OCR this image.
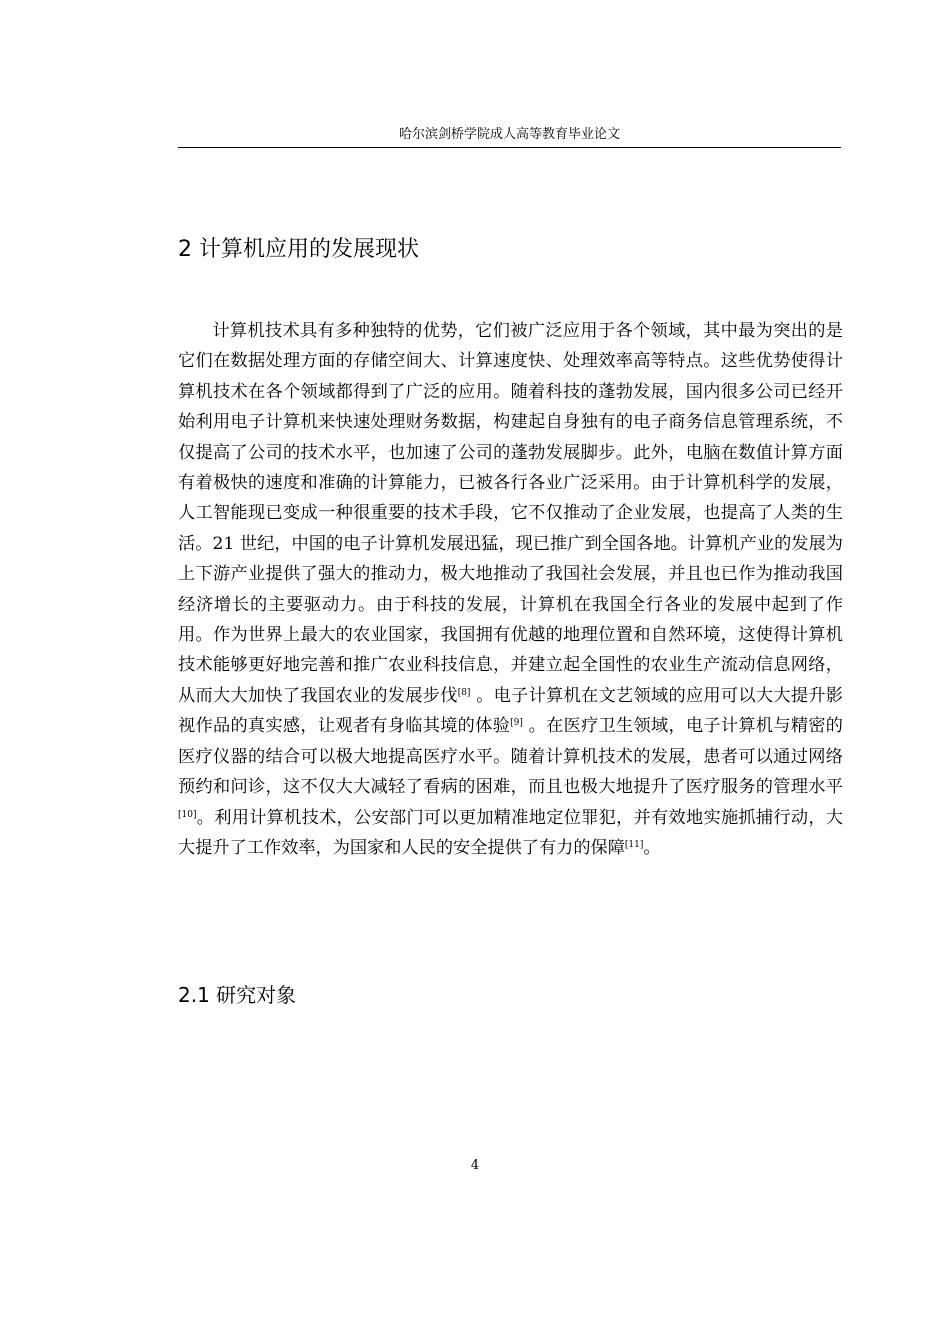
哈尔滨剑桥学院成人高等教育毕业论文
2 计算机应用的发展现状

计算机技术具有多种独特的优势，它们被广泛应用于各个领域，其中最为突出的是它们在数据处理方面的存储空间大、计算速度快、处理效率高等特点。这些优势使得计算机技术在各个领域都得到了广泛的应用。随着科技的蓬勃发展，国内很多公司已经开始利用电子计算机来快速处理财务数据，构建起自身独有的电子商务信息管理系统，不仅提高了公司的技术水平，也加速了公司的蓬勃发展脚步。此外，电脑在数值计算方面有着极快的速度和准确的计算能力，已被各行各业广泛采用。由于计算机科学的发展，人工智能现已变成一种很重要的技术手段，它不仅推动了企业发展，也提高了人类的生活。21 世纪，中国的电子计算机发展迅猛，现已推广到全国各地。计算机产业的发展为上下游产业提供了强大的推动力，极大地推动了我国社会发展，并且也已作为推动我国经济增长的主要驱动力。由于科技的发展，计算机在我国全行各业的发展中起到了作用。作为世界上最大的农业国家，我国拥有优越的地理位置和自然环境，这使得计算机技术能够更好地完善和推广农业科技信息，并建立起全国性的农业生产流动信息网络，从而大大加快了我国农业的发展步伐[8] 。电子计算机在文艺领域的应用可以大大提升影视作品的真实感，让观者有身临其境的体验[9] 。在医疗卫生领域，电子计算机与精密的医疗仪器的结合可以极大地提高医疗水平。随着计算机技术的发展，患者可以通过网络预约和问诊，这不仅大大减轻了看病的困难，而且也极大地提升了医疗服务的管理水平[10]。利用计算机技术，公安部门可以更加精准地定位罪犯，并有效地实施抓捕行动，大大提升了工作效率，为国家和人民的安全提供了有力的保障[11]。

2.1 研究对象
4
